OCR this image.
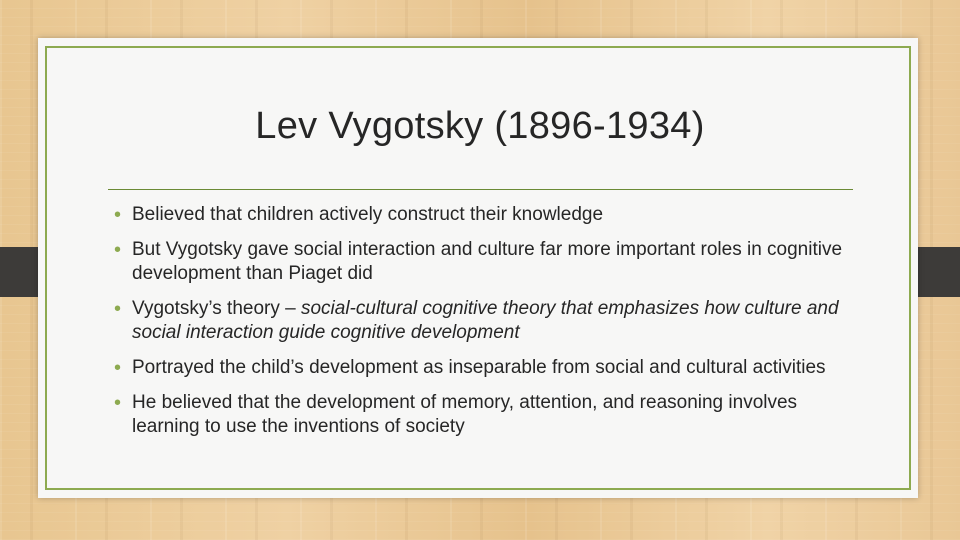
Lev Vygotsky (1896-1934)
• Believed that children actively construct their knowledge
• But Vygotsky gave social interaction and culture far more important roles in cognitive development than Piaget did
• Vygotsky’s theory – social-cultural cognitive theory that emphasizes how culture and social interaction guide cognitive development
• Portrayed the child’s development as inseparable from social and cultural activities
• He believed that the development of memory, attention, and reasoning involves learning to use the inventions of society
